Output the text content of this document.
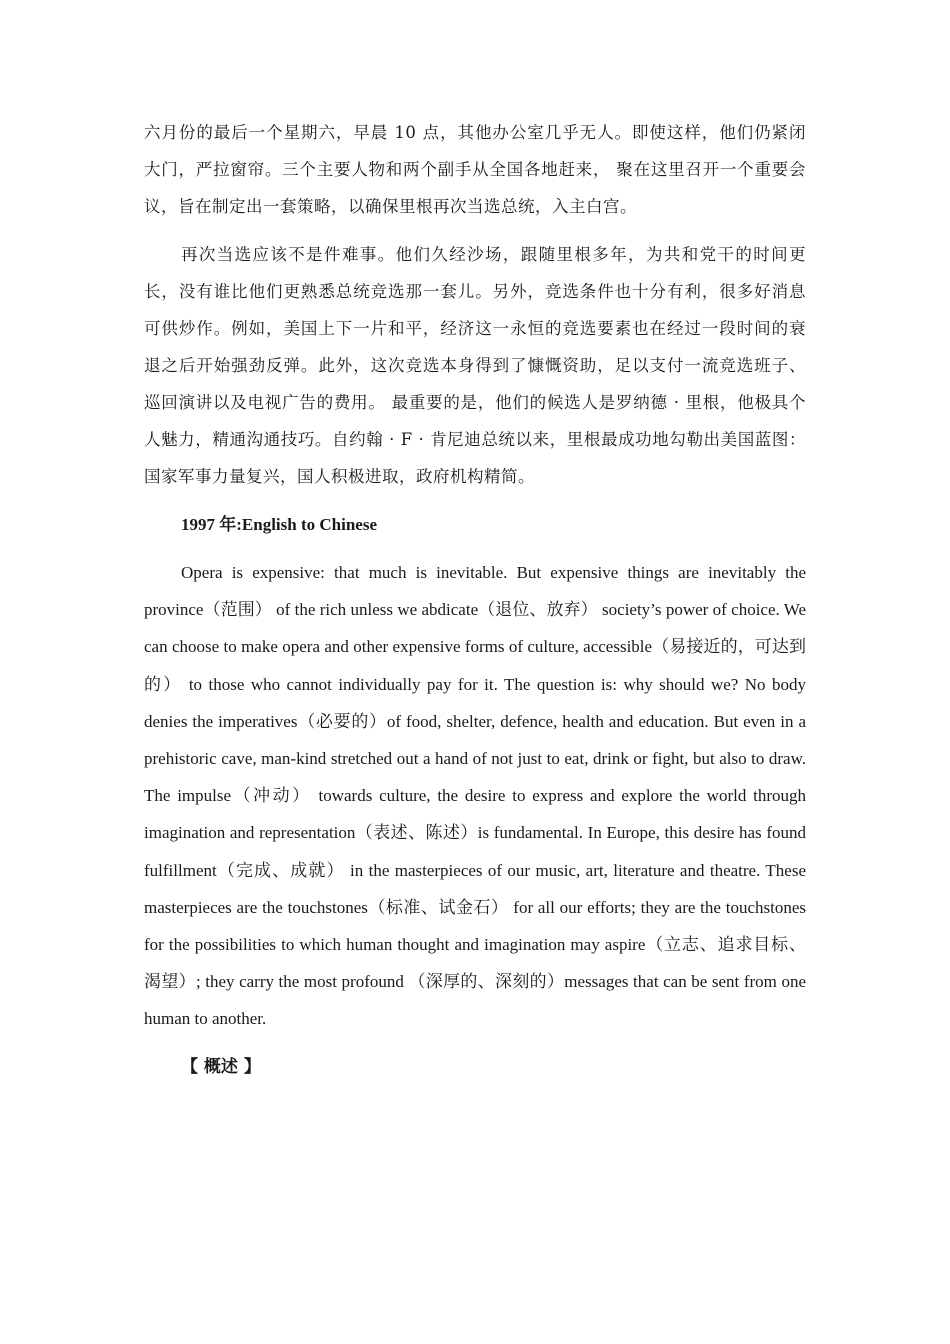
六月份的最后一个星期六，早晨 10 点，其他办公室几乎无人。即使这样，他们仍紧闭大门，严拉窗帘。三个主要人物和两个副手从全国各地赶来， 聚在这里召开一个重要会议，旨在制定出一套策略，以确保里根再次当选总统，入主白宫。

再次当选应该不是件难事。他们久经沙场，跟随里根多年，为共和党干的时间更长，没有谁比他们更熟悉总统竞选那一套儿。另外，竞选条件也十分有利，很多好消息可供炒作。例如，美国上下一片和平，经济这一永恒的竞选要素也在经过一段时间的衰退之后开始强劲反弹。此外，这次竞选本身得到了慷慨资助，足以支付一流竞选班子、巡回演讲以及电视广告的费用。 最重要的是，他们的候选人是罗纳德 · 里根，他极具个人魅力，精通沟通技巧。自约翰 · F · 肯尼迪总统以来，里根最成功地勾勒出美国蓝图：国家军事力量复兴，国人积极进取，政府机构精简。

1997 年:English to Chinese

Opera is expensive: that much is inevitable. But expensive things are inevitably the province（范围） of the rich unless we abdicate（退位、放弃） society’s power of choice. We can choose to make opera and other expensive forms of culture, accessible（易接近的，可达到的） to those who cannot individually pay for it. The question is: why should we? No body denies the imperatives（必要的）of food, shelter, defence, health and education. But even in a prehistoric cave, man-kind stretched out a hand of not just to eat, drink or fight, but also to draw. The impulse（冲动） towards culture, the desire to express and explore the world through imagination and representation（表述、陈述）is fundamental. In Europe, this desire has found fulfillment（完成、成就） in the masterpieces of our music, art, literature and theatre. These masterpieces are the touchstones（标准、试金石） for all our efforts; they are the touchstones for the possibilities to which human thought and imagination may aspire（立志、追求目标、渴望）; they carry the most profound （深厚的、深刻的）messages that can be sent from one human to another.

【 概述 】
